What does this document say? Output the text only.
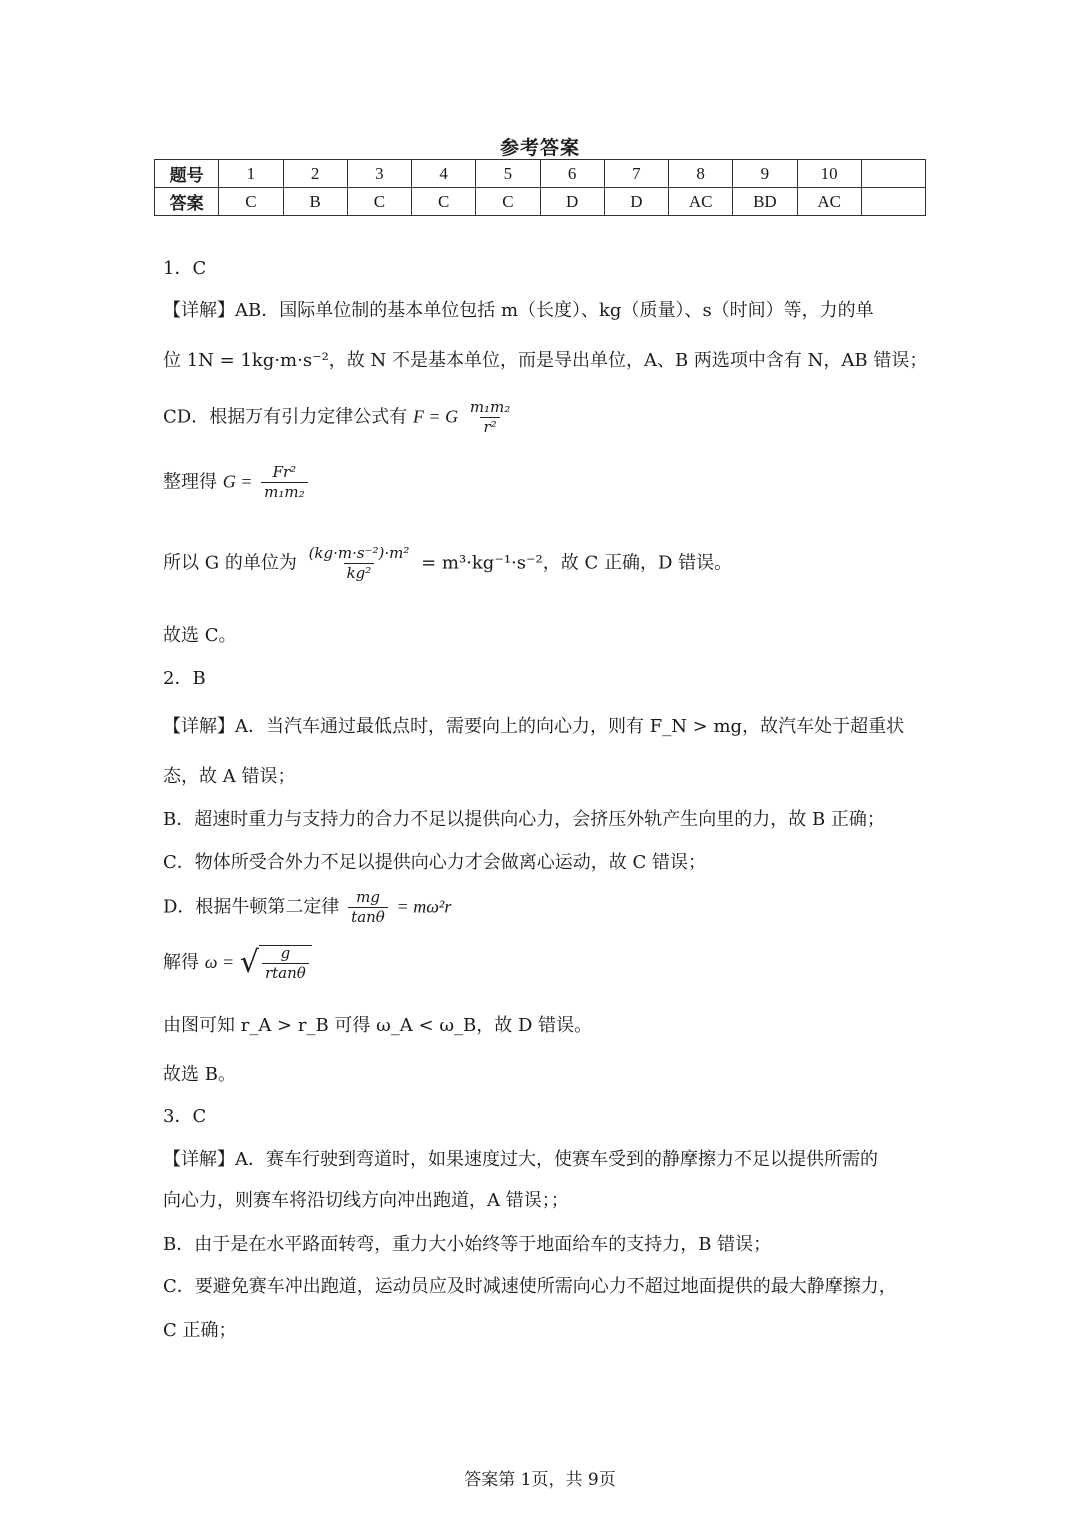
参考答案
题号	1	2	3	4	5	6	7	8	9	10	
答案	C	B	C	C	C	D	D	AC	BD	AC	
1．C
【详解】AB．国际单位制的基本单位包括 m（长度）、kg（质量）、s（时间）等，力的单
位 1N = 1kg·m·s⁻²，故 N 不是基本单位，而是导出单位，A、B 两选项中含有 N，AB 错误；
CD．根据万有引力定律公式有 F = G $\frac{\text{m₁m₂}}{\text{r²}}$
整理得 $G = \frac{\text{Fr²}}{\text{m₁m₂}}$
所以 G 的单位为 $\frac{\text{(kg·m·s⁻²)·m²}}{\text{kg²}} = m^3\cdot kg^{-1}\cdot s^{-2}$，故 C 正确，D 错误。
故选 C。
2．B
【详解】A．当汽车通过最低点时，需要向上的向心力，则有 F_N > mg，故汽车处于超重状
态，故 A 错误；
B．超速时重力与支持力的合力不足以提供向心力，会挤压外轨产生向里的力，故 B 正确；
C．物体所受合外力不足以提供向心力才会做离心运动，故 C 错误；
D．根据牛顿第二定律 $\frac{mg}{\tan\theta} = m\omega^2r$
解得 ω = √ $\frac{g}{rtan\theta}$
由图可知 r_A > r_B 可得 ω_A < ω_B，故 D 错误。
故选 B。
3．C
【详解】A．赛车行驶到弯道时，如果速度过大，使赛车受到的静摩擦力不足以提供所需的
向心力，则赛车将沿切线方向冲出跑道，A 错误；；
B．由于是在水平路面转弯，重力大小始终等于地面给车的支持力，B 错误；
C．要避免赛车冲出跑道，运动员应及时减速使所需向心力不超过地面提供的最大静摩擦力，
C 正确；
答案第 1页，共 9页
